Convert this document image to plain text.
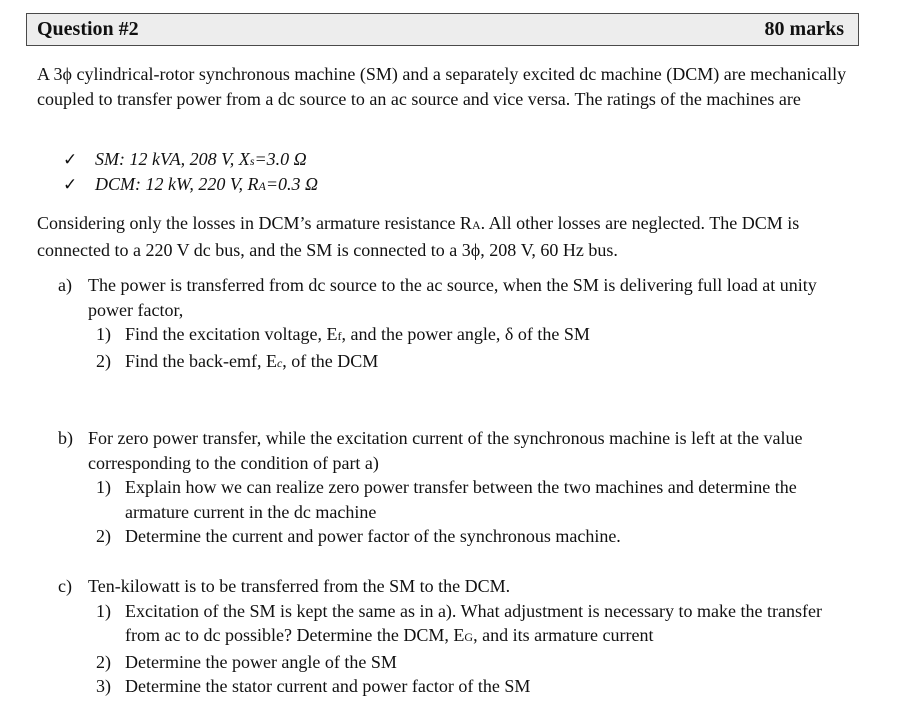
Question #2	80 marks
A 3ϕ cylindrical-rotor synchronous machine (SM) and a separately excited dc machine (DCM) are mechanically coupled to transfer power from a dc source to an ac source and vice versa. The ratings of the machines are
✓ SM: 12 kVA, 208 V, Xs=3.0 Ω
✓ DCM: 12 kW, 220 V, RA=0.3 Ω
Considering only the losses in DCM’s armature resistance RA. All other losses are neglected. The DCM is connected to a 220 V dc bus, and the SM is connected to a 3ϕ, 208 V, 60 Hz bus.
a) The power is transferred from dc source to the ac source, when the SM is delivering full load at unity power factor,
1) Find the excitation voltage, Ef, and the power angle, δ of the SM
2) Find the back-emf, Ec, of the DCM
b) For zero power transfer, while the excitation current of the synchronous machine is left at the value corresponding to the condition of part a)
1) Explain how we can realize zero power transfer between the two machines and determine the armature current in the dc machine
2) Determine the current and power factor of the synchronous machine.
c) Ten-kilowatt is to be transferred from the SM to the DCM.
1) Excitation of the SM is kept the same as in a). What adjustment is necessary to make the transfer from ac to dc possible? Determine the DCM, EG, and its armature current
2) Determine the power angle of the SM
3) Determine the stator current and power factor of the SM
